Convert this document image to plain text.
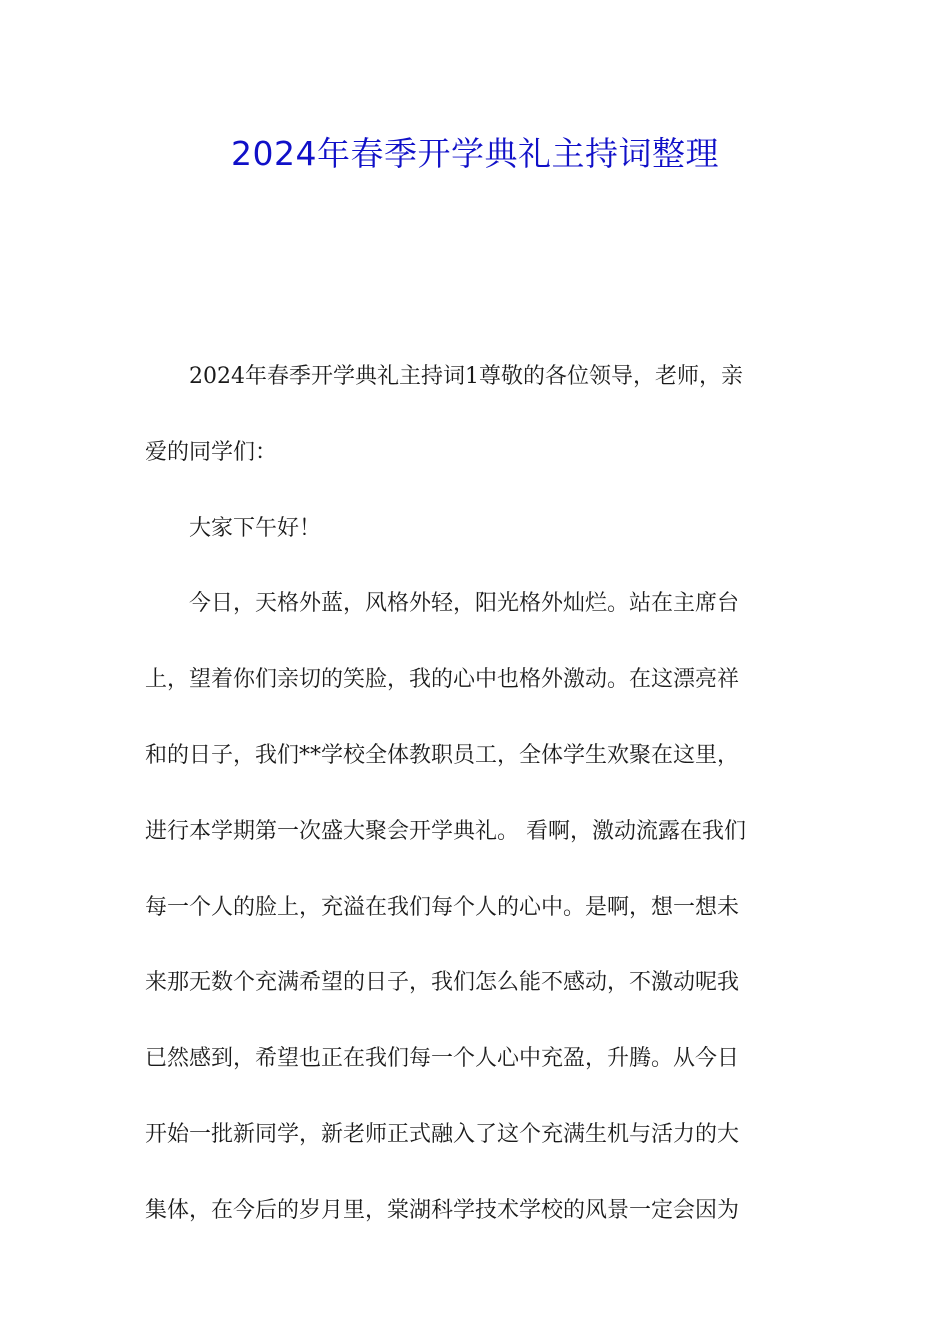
2024年春季开学典礼主持词整理

2024年春季开学典礼主持词1尊敬的各位领导，老师，亲
爱的同学们：

大家下午好！

今日，天格外蓝，风格外轻，阳光格外灿烂。站在主席台
上，望着你们亲切的笑脸，我的心中也格外激动。在这漂亮祥
和的日子，我们**学校全体教职员工，全体学生欢聚在这里，
进行本学期第一次盛大聚会开学典礼。 看啊，激动流露在我们
每一个人的脸上，充溢在我们每个人的心中。是啊，想一想未
来那无数个充满希望的日子，我们怎么能不感动，不激动呢我
已然感到，希望也正在我们每一个人心中充盈，升腾。从今日
开始一批新同学，新老师正式融入了这个充满生机与活力的大
集体，在今后的岁月里，棠湖科学技术学校的风景一定会因为
